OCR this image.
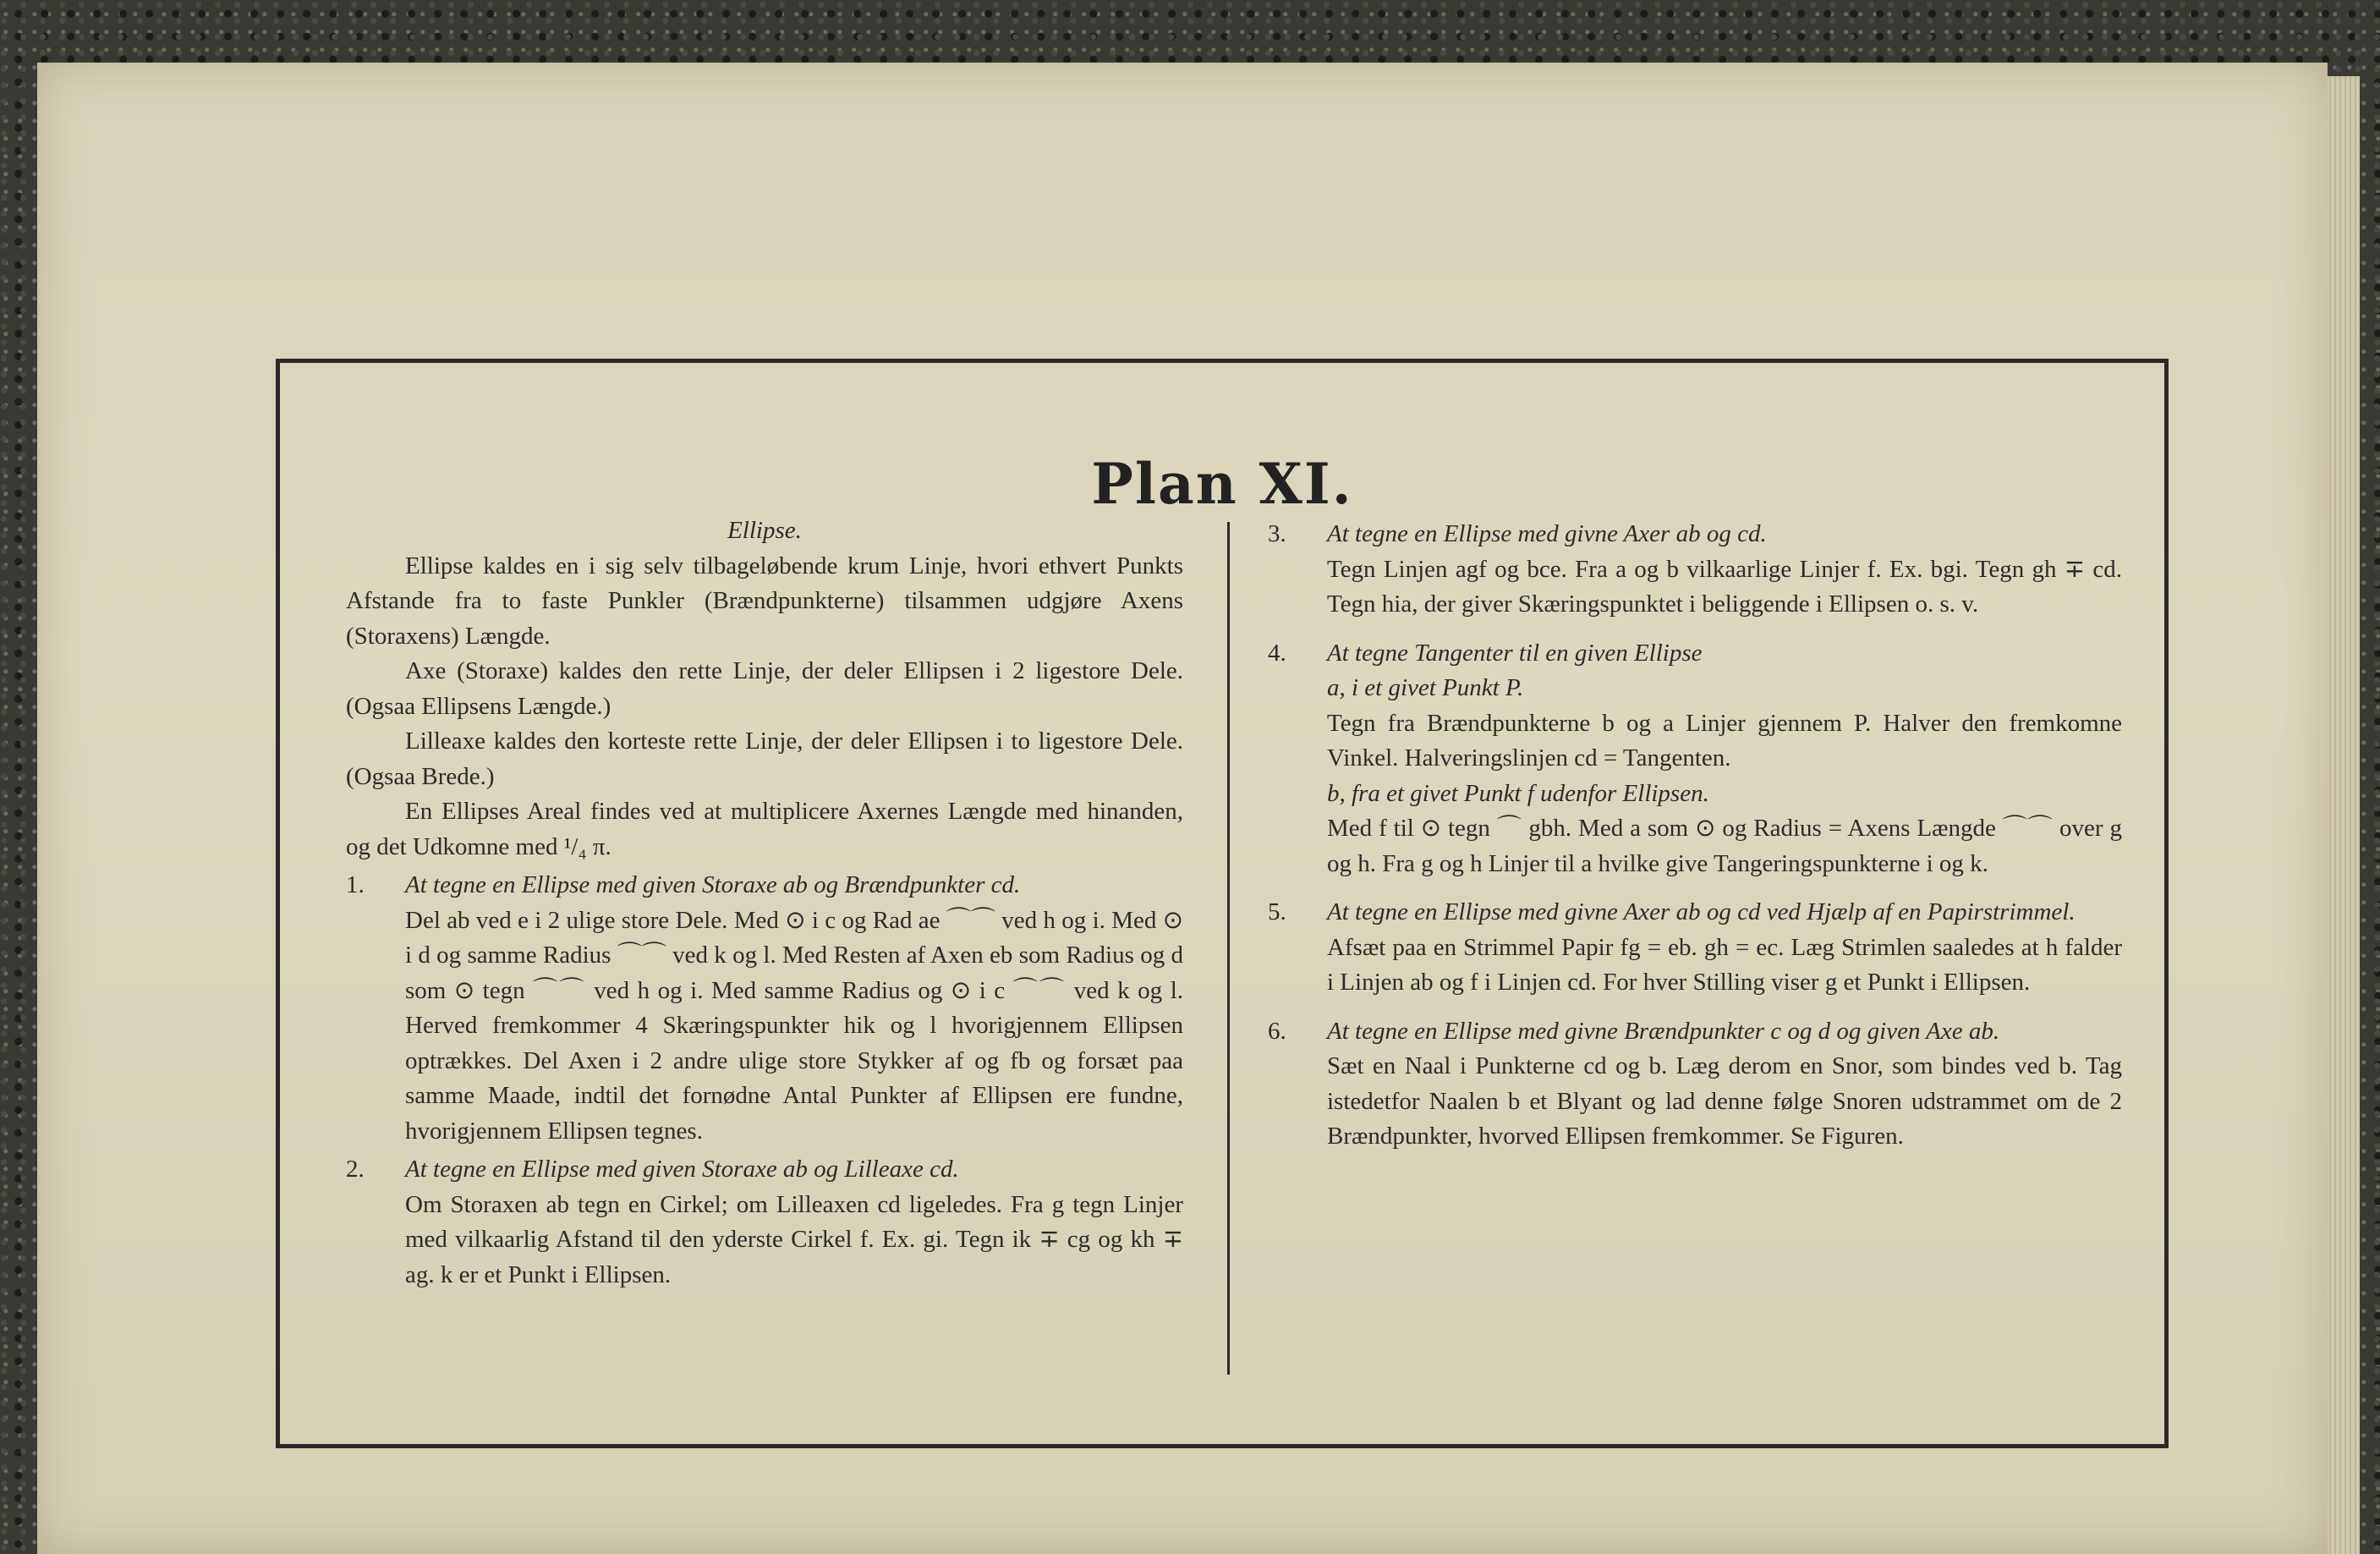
Plan XI.

Ellipse.

Ellipse kaldes en i sig selv tilbageløbende krum Linje, hvori ethvert Punkts Afstande fra to faste Punkler (Brændpunkterne) tilsammen udgjøre Axens (Storaxens) Længde.

Axe (Storaxe) kaldes den rette Linje, der deler Ellipsen i 2 ligestore Dele. (Ogsaa Ellipsens Længde.)

Lilleaxe kaldes den korteste rette Linje, der deler Ellipsen i to ligestore Dele. (Ogsaa Brede.)

En Ellipses Areal findes ved at multiplicere Axernes Længde med hinanden, og det Udkomne med ¹/₄ π.

1. At tegne en Ellipse med given Storaxe ab og Brændpunkter cd.

Del ab ved e i 2 ulige store Dele. Med ⊙ i c og Rad ae ⌒⌒ ved h og i. Med ⊙ i d og samme Radius ⌒⌒ ved k og l. Med Resten af Axen eb som Radius og d som ⊙ tegn ⌒⌒ ved h og i. Med samme Radius og ⊙ i c ⌒⌒ ved k og l. Herved fremkommer 4 Skæringspunkter hik og l hvorigjennem Ellipsen optrækkes. Del Axen i 2 andre ulige store Stykker af og fb og forsæt paa samme Maade, indtil det fornødne Antal Punkter af Ellipsen ere fundne, hvorigjennem Ellipsen tegnes.

2. At tegne en Ellipse med given Storaxe ab og Lilleaxe cd.

Om Storaxen ab tegn en Cirkel; om Lilleaxen cd ligeledes. Fra g tegn Linjer med vilkaarlig Afstand til den yderste Cirkel f. Ex. gi. Tegn ik ∓ cg og kh ∓ ag. k er et Punkt i Ellipsen.

3. At tegne en Ellipse med givne Axer ab og cd.

Tegn Linjen agf og bce. Fra a og b vilkaarlige Linjer f. Ex. bgi. Tegn gh ∓ cd. Tegn hia, der giver Skæringspunktet i beliggende i Ellipsen o. s. v.

4. At tegne Tangenter til en given Ellipse

a, i et givet Punkt P.

Tegn fra Brændpunkterne b og a Linjer gjennem P. Halver den fremkomne Vinkel. Halveringslinjen cd = Tangenten.

b, fra et givet Punkt f udenfor Ellipsen.

Med f til ⊙ tegn ⌒ gbh. Med a som ⊙ og Radius = Axens Længde ⌒⌒ over g og h. Fra g og h Linjer til a hvilke give Tangeringspunkterne i og k.

5. At tegne en Ellipse med givne Axer ab og cd ved Hjælp af en Papirstrimmel.

Afsæt paa en Strimmel Papir fg = eb. gh = ec. Læg Strimlen saaledes at h falder i Linjen ab og f i Linjen cd. For hver Stilling viser g et Punkt i Ellipsen.

6. At tegne en Ellipse med givne Brændpunkter c og d og given Axe ab.

Sæt en Naal i Punkterne cd og b. Læg derom en Snor, som bindes ved b. Tag istedetfor Naalen b et Blyant og lad denne følge Snoren udstrammet om de 2 Brændpunkter, hvorved Ellipsen fremkommer. Se Figuren.
